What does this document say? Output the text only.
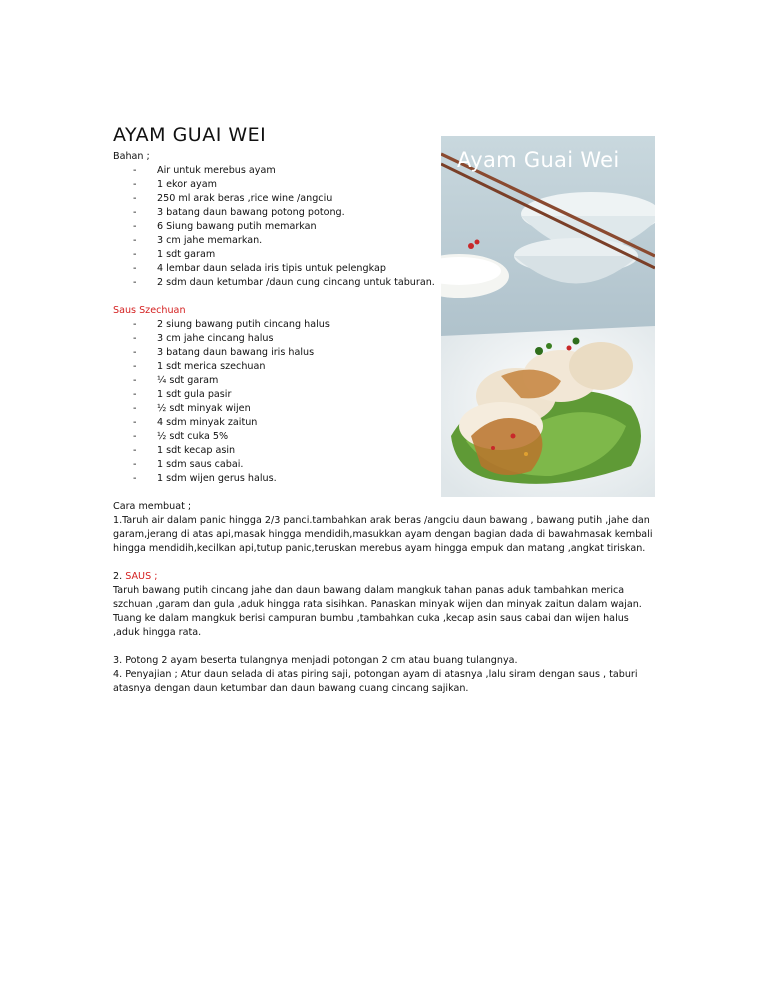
AYAM GUAI WEI
Bahan ;
- Air untuk merebus ayam
- 1 ekor ayam
- 250 ml arak beras ,rice wine /angciu
- 3 batang daun bawang potong potong.
- 6 Siung bawang putih memarkan
- 3 cm jahe memarkan.
- 1 sdt garam
- 4 lembar daun selada iris tipis untuk pelengkap
- 2 sdm daun ketumbar /daun cung cincang untuk taburan.
Saus Szechuan
- 2 siung bawang putih cincang halus
- 3 cm jahe cincang halus
- 3 batang daun bawang iris halus
- 1 sdt merica szechuan
- ¼ sdt garam
- 1 sdt gula pasir
- ½ sdt minyak wijen
- 4 sdm minyak zaitun
- ½ sdt cuka 5%
- 1 sdt kecap asin
- 1 sdm saus cabai.
- 1 sdm wijen gerus halus.
Cara membuat ;

1.Taruh air dalam panic hingga 2/3 panci.tambahkan arak beras /angciu daun bawang , bawang putih ,jahe dan garam,jerang di atas api,masak hingga mendidih,masukkan ayam dengan bagian dada di bawahmasak kembali hingga mendidih,kecilkan api,tutup panic,teruskan merebus ayam hingga empuk dan matang ,angkat tiriskan.

2. SAUS ;

Taruh bawang putih cincang jahe dan daun bawang dalam mangkuk tahan panas aduk tambahkan merica szchuan ,garam dan gula ,aduk hingga rata sisihkan. Panaskan minyak wijen dan minyak zaitun dalam wajan. Tuang ke dalam mangkuk berisi campuran bumbu ,tambahkan cuka ,kecap asin saus cabai dan wijen halus ,aduk hingga rata.

3. Potong 2 ayam beserta tulangnya menjadi potongan 2 cm atau buang tulangnya.

4. Penyajian ; Atur daun selada di atas piring saji, potongan ayam di atasnya ,lalu siram dengan saus , taburi atasnya dengan daun ketumbar dan daun bawang cuang cincang sajikan.

Ayam Guai Wei
